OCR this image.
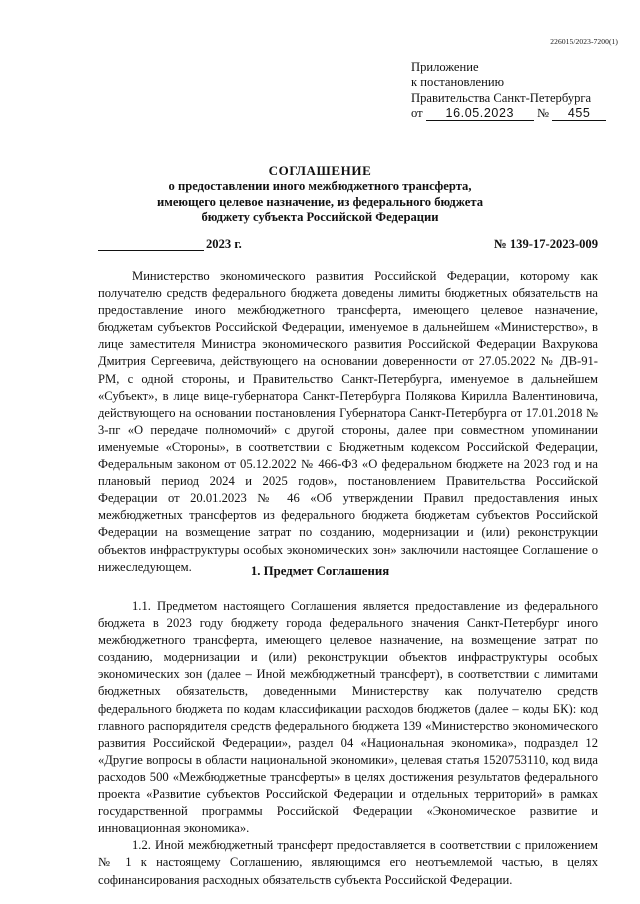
226015/2023-7200(1)
Приложение
к постановлению
Правительства Санкт-Петербурга
от 16.05.2023 № 455
СОГЛАШЕНИЕ
о предоставлении иного межбюджетного трансферта,
имеющего целевое назначение, из федерального бюджета
бюджету субъекта Российской Федерации
2023 г.	№ 139-17-2023-009

Министерство экономического развития Российской Федерации, которому как получателю средств федерального бюджета доведены лимиты бюджетных обязательств на предоставление иного межбюджетного трансферта, имеющего целевое назначение, бюджетам субъектов Российской Федерации, именуемое в дальнейшем «Министерство», в лице заместителя Министра экономического развития Российской Федерации Вахрукова Дмитрия Сергеевича, действующего на основании доверенности от 27.05.2022 № ДВ-91-РМ, с одной стороны, и Правительство Санкт-Петербурга, именуемое в дальнейшем «Субъект», в лице вице-губернатора Санкт-Петербурга Полякова Кирилла Валентиновича, действующего на основании постановления Губернатора Санкт-Петербурга от 17.01.2018 № 3-пг «О передаче полномочий» с другой стороны, далее при совместном упоминании именуемые «Стороны», в соответствии с Бюджетным кодексом Российской Федерации, Федеральным законом от 05.12.2022 № 466-ФЗ «О федеральном бюджете на 2023 год и на плановый период 2024 и 2025 годов», постановлением Правительства Российской Федерации от 20.01.2023 № 46 «Об утверждении Правил предоставления иных межбюджетных трансфертов из федерального бюджета бюджетам субъектов Российской Федерации на возмещение затрат по созданию, модернизации и (или) реконструкции объектов инфраструктуры особых экономических зон» заключили настоящее Соглашение о нижеследующем.	1. Предмет Соглашения

1.1. Предметом настоящего Соглашения является предоставление из федерального бюджета в 2023 году бюджету города федерального значения Санкт-Петербург иного межбюджетного трансферта, имеющего целевое назначение, на возмещение затрат по созданию, модернизации и (или) реконструкции объектов инфраструктуры особых экономических зон (далее – Иной межбюджетный трансферт), в соответствии с лимитами бюджетных обязательств, доведенными Министерству как получателю средств федерального бюджета по кодам классификации расходов бюджетов (далее – коды БК): код главного распорядителя средств федерального бюджета 139 «Министерство экономического развития Российской Федерации», раздел 04 «Национальная экономика», подраздел 12 «Другие вопросы в области национальной экономики», целевая статья 1520753110, код вида расходов 500 «Межбюджетные трансферты» в целях достижения результатов федерального проекта «Развитие субъектов Российской Федерации и отдельных территорий» в рамках государственной программы Российской Федерации «Экономическое развитие и инновационная экономика».

1.2. Иной межбюджетный трансферт предоставляется в соответствии с приложением № 1 к настоящему Соглашению, являющимся его неотъемлемой частью, в целях софинансирования расходных обязательств субъекта Российской Федерации.
